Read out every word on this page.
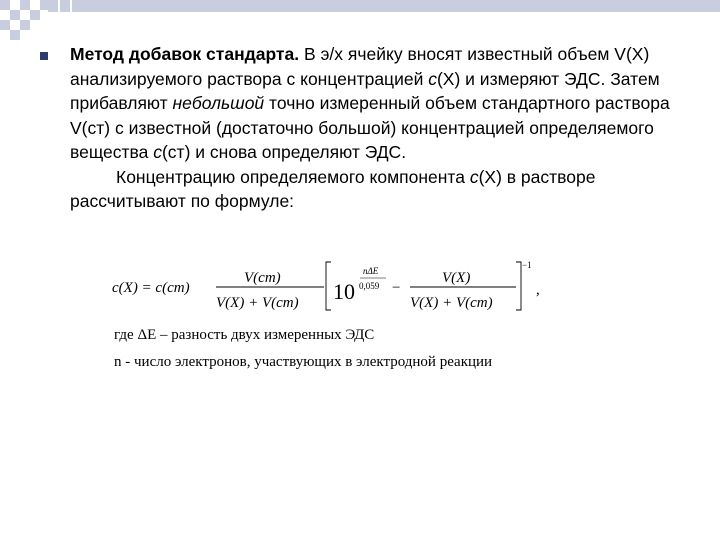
Метод добавок стандарта. В э/х ячейку вносят известный объем V(X) анализируемого раствора с концентрацией c(X) и измеряют ЭДС. Затем прибавляют небольшой точно измеренный объем стандартного раствора V(ст) с известной (достаточно большой) концентрацией определяемого вещества c(ст) и снова определяют ЭДС.

Концентрацию определяемого компонента c(X) в растворе рассчитывают по формуле:

c(X) = c(cm)
V(cm)
V(X) + V(cm) 10
nΔE
0,059 −
V(X)
V(X) + V(cm)
−1
,

где ΔE – разность двух измеренных ЭДС

n - число электронов, участвующих в электродной реакции
